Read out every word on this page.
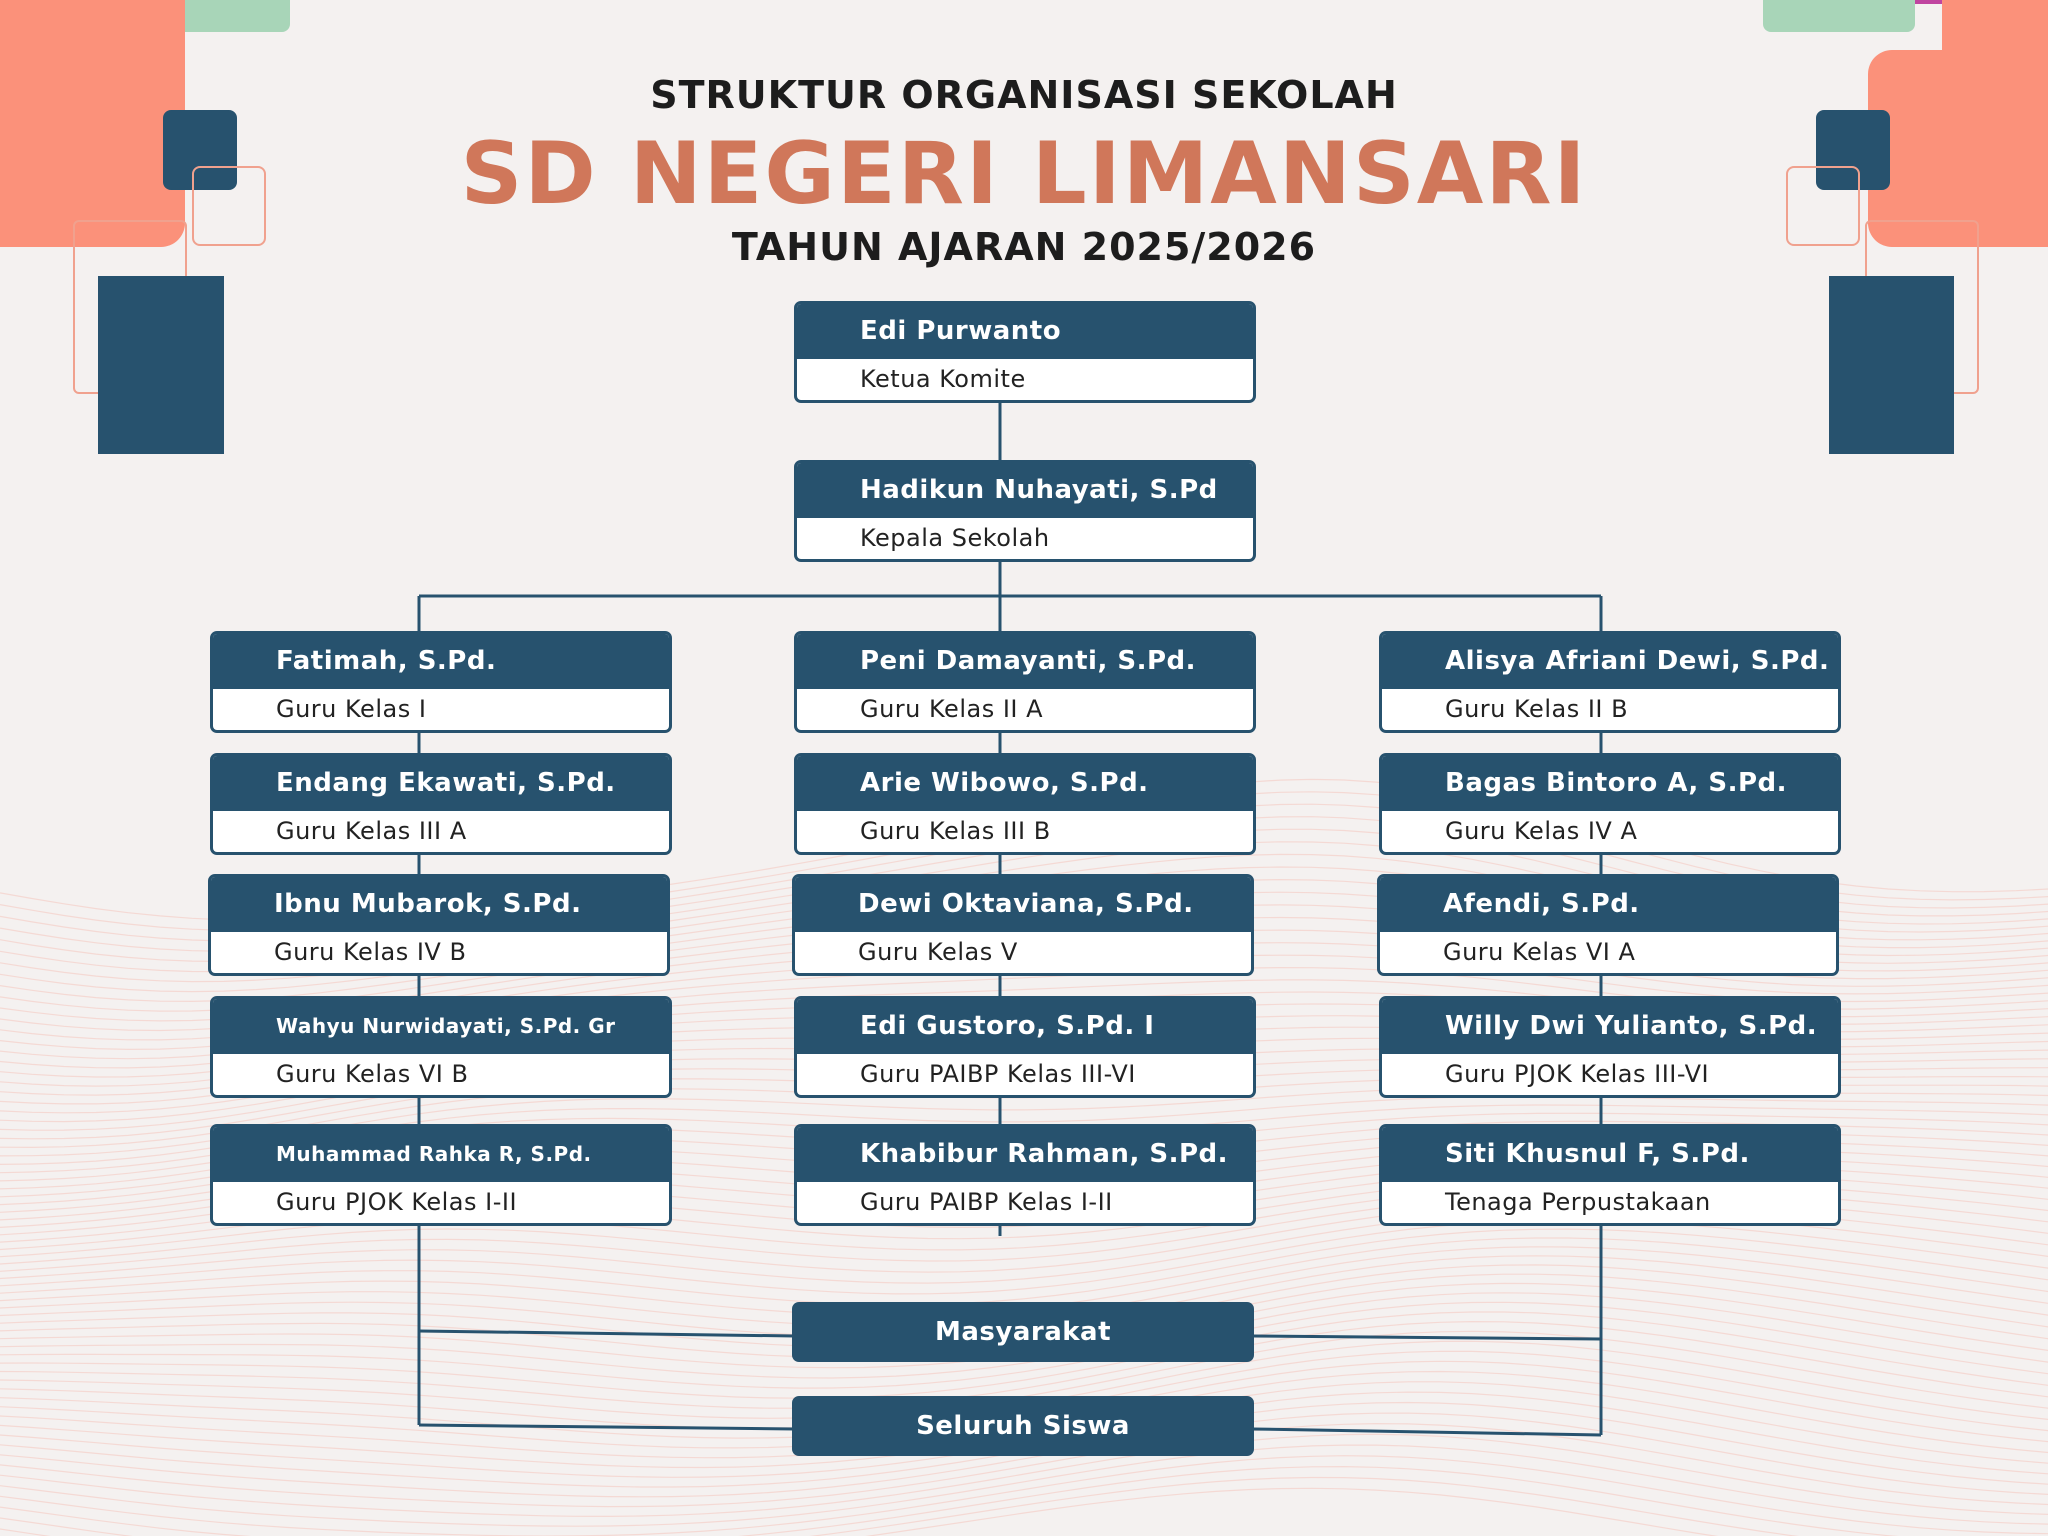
STRUKTUR ORGANISASI SEKOLAH
SD NEGERI LIMANSARI
TAHUN AJARAN 2025/2026
Edi Purwanto
Ketua Komite
Hadikun Nuhayati, S.Pd
Kepala Sekolah
Fatimah, S.Pd.
Guru Kelas I
Endang Ekawati, S.Pd.
Guru Kelas III A
Ibnu Mubarok, S.Pd.
Guru Kelas IV B
Wahyu Nurwidayati, S.Pd. Gr
Guru Kelas VI B
Muhammad Rahka R, S.Pd.
Guru PJOK Kelas I-II
Peni Damayanti, S.Pd.
Guru Kelas II A
Arie Wibowo, S.Pd.
Guru Kelas III B
Dewi Oktaviana, S.Pd.
Guru Kelas V
Edi Gustoro, S.Pd. I
Guru PAIBP Kelas III-VI
Khabibur Rahman, S.Pd.
Guru PAIBP Kelas I-II
Alisya Afriani Dewi, S.Pd.
Guru Kelas II B
Bagas Bintoro A, S.Pd.
Guru Kelas IV A
Afendi, S.Pd.
Guru Kelas VI A
Willy Dwi Yulianto, S.Pd.
Guru PJOK Kelas III-VI
Siti Khusnul F, S.Pd.
Tenaga Perpustakaan
Masyarakat
Seluruh Siswa
